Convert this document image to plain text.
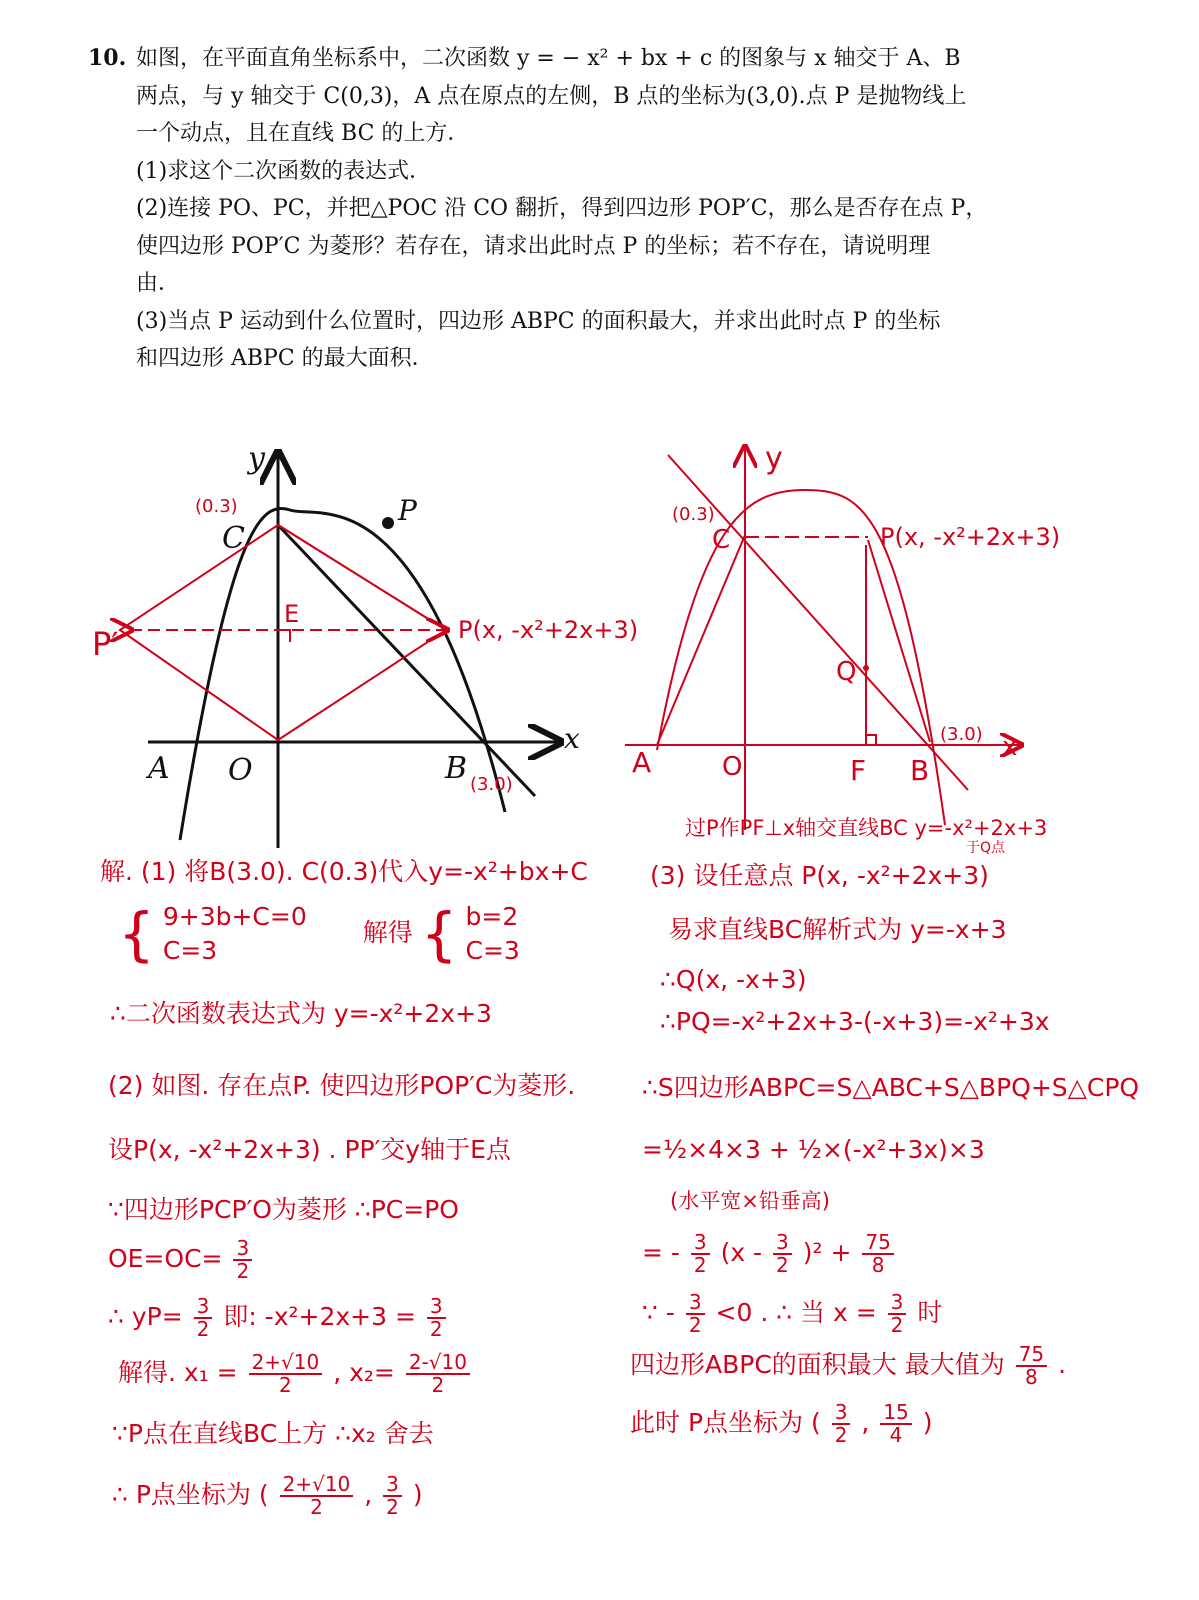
10. 如图，在平面直角坐标系中，二次函数 y = − x² + bx + c 的图象与 x 轴交于 A、B
两点，与 y 轴交于 C(0,3)，A 点在原点的左侧，B 点的坐标为(3,0).点 P 是抛物线上
一个动点，且在直线 BC 的上方．
(1)求这个二次函数的表达式．
(2)连接 PO、PC，并把△POC 沿 CO 翻折，得到四边形 POP′C，那么是否存在点 P，
使四边形 POP′C 为菱形？若存在，请求出此时点 P 的坐标；若不存在，请说明理
由．
(3)当点 P 运动到什么位置时，四边形 ABPC 的面积最大，并求出此时点 P 的坐标
和四边形 ABPC 的最大面积．
y
x
(0.3)
C
P
A O	B (3.0)
E
P′	P(x, -x²+2x+3)
y
x
(0.3)
C	P(x, -x²+2x+3)
Q
A	O	F B
(3.0)
过P作PF⊥x轴交直线BC y=-x²+2x+3
于Q点
解. (1) 将B(3.0). C(0.3)代入y=-x²+bx+C
{ 9+3b+C=0
C=3
解得 { b=2
C=3
∴二次函数表达式为 y=-x²+2x+3
(2) 如图. 存在点P. 使四边形POP′C为菱形.
设P(x, -x²+2x+3) . PP′交y轴于E点
∵四边形PCP′O为菱形 ∴PC=PO
$OE=OC= \frac{3}{2}$
∴ $yP= \frac{3}{2}$ 即: $-x^2+2x+3 = \frac{3}{2}$
解得. $x_1 = \frac{2+√10}{2}$ , $x_2= \frac{2-√10}{2}$
∵P点在直线BC上方 ∴x₂ 舍去
∴ P点坐标为 ( $\frac{2+√10}{2}$ , $\frac{3}{2}$ )
(3) 设任意点 P(x, -x²+2x+3)
易求直线BC解析式为 y=-x+3
∴Q(x, -x+3)
∴PQ=-x²+2x+3-(-x+3)=-x²+3x
∴S四边形ABPC=S△ABC+S△BPQ+S△CPQ
=½×4×3 + ½×(-x²+3x)×3
(水平宽×铅垂高)
= - $\frac{3}{2} (x - \frac{3}{2} )^2 + \frac{75}{8}$
∵ - $\frac{3}{2} <0$ . ∴ 当 $x = \frac{3}{2}$ 时
四边形ABPC的面积最大 最大值为 $\frac{75}{8}$ .
此时 P点坐标为 ( $\frac{3}{2}$ , $\frac{15}{4}$ )
